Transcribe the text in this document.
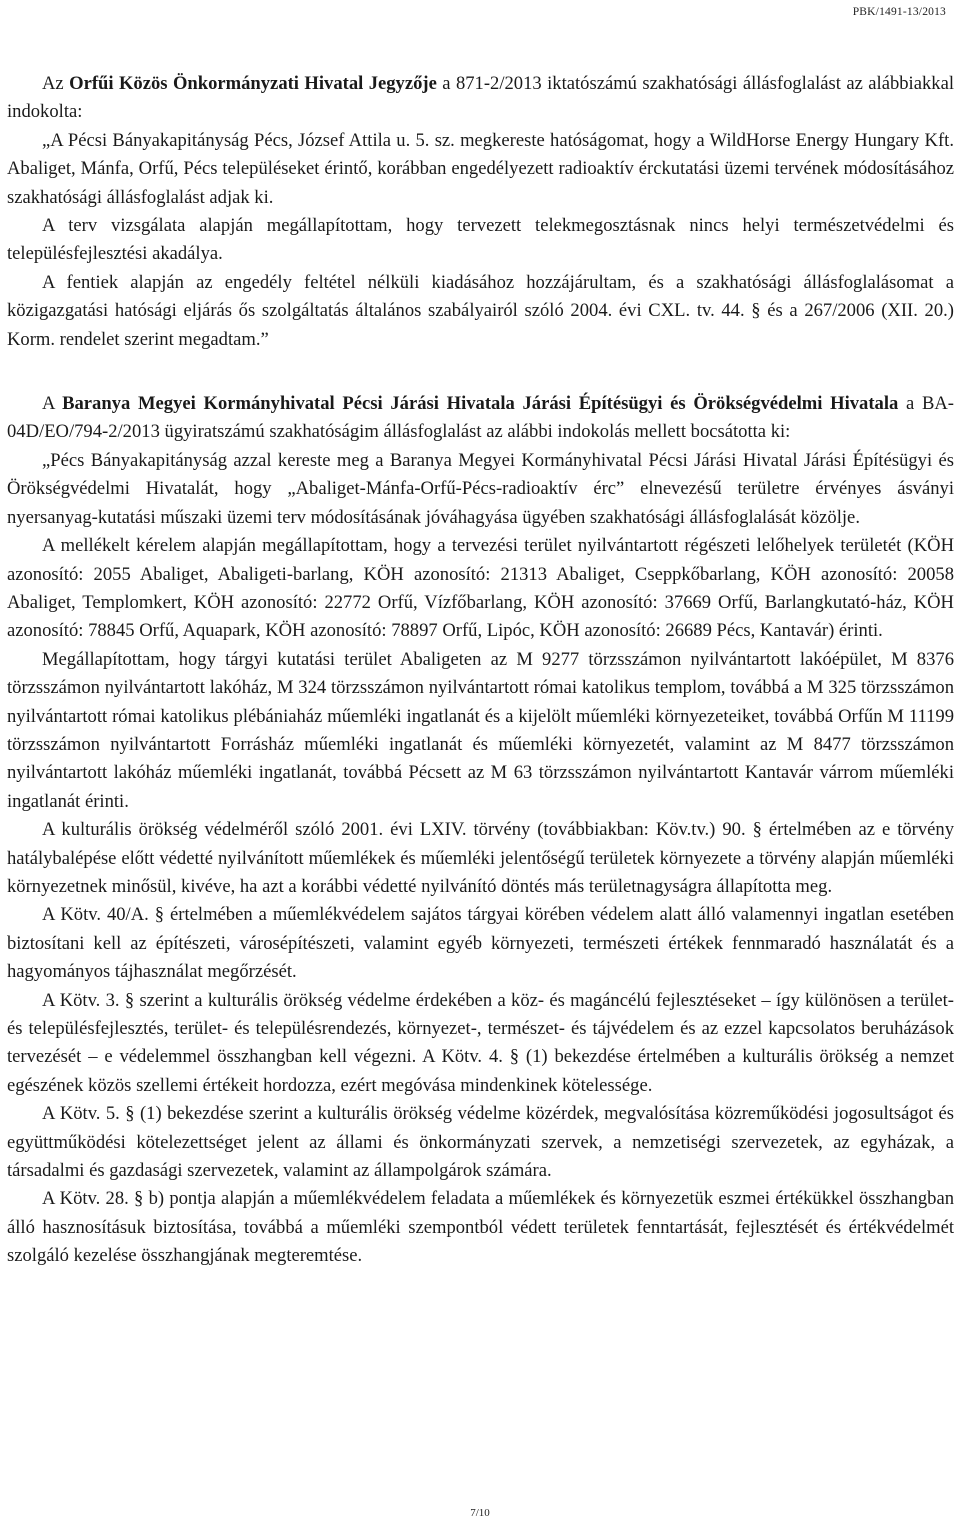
PBK/1491-13/2013

Az Orfűi Közös Önkormányzati Hivatal Jegyzője a 871-2/2013 iktatószámú szakhatósági állásfoglalást az alábbiakkal indokolta:

„A Pécsi Bányakapitányság Pécs, József Attila u. 5. sz. megkereste hatóságomat, hogy a WildHorse Energy Hungary Kft. Abaliget, Mánfa, Orfű, Pécs településeket érintő, korábban engedélyezett radioaktív érckutatási üzemi tervének módosításához szakhatósági állásfoglalást adjak ki.

A terv vizsgálata alapján megállapítottam, hogy tervezett telekmegosztásnak nincs helyi természetvédelmi és településfejlesztési akadálya.

A fentiek alapján az engedély feltétel nélküli kiadásához hozzájárultam, és a szakhatósági állásfoglalásomat a közigazgatási hatósági eljárás ős szolgáltatás általános szabályairól szóló 2004. évi CXL. tv. 44. § és a 267/2006 (XII. 20.) Korm. rendelet szerint megadtam.”

A Baranya Megyei Kormányhivatal Pécsi Járási Hivatala Járási Építésügyi és Örökségvédelmi Hivatala a BA-04D/EO/794-2/2013 ügyiratszámú szakhatóságim állásfoglalást az alábbi indokolás mellett bocsátotta ki:

„Pécs Bányakapitányság azzal kereste meg a Baranya Megyei Kormányhivatal Pécsi Járási Hivatal Járási Építésügyi és Örökségvédelmi Hivatalát, hogy „Abaliget-Mánfa-Orfű-Pécs-radioaktív érc” elnevezésű területre érvényes ásványi nyersanyag-kutatási műszaki üzemi terv módosításának jóváhagyása ügyében szakhatósági állásfoglalását közölje.

A mellékelt kérelem alapján megállapítottam, hogy a tervezési terület nyilvántartott régészeti lelőhelyek területét (KÖH azonosító: 2055 Abaliget, Abaligeti-barlang, KÖH azonosító: 21313 Abaliget, Cseppkőbarlang, KÖH azonosító: 20058 Abaliget, Templomkert, KÖH azonosító: 22772 Orfű, Vízfőbarlang, KÖH azonosító: 37669 Orfű, Barlangkutató-ház, KÖH azonosító: 78845 Orfű, Aquapark, KÖH azonosító: 78897 Orfű, Lipóc, KÖH azonosító: 26689 Pécs, Kantavár) érinti.

Megállapítottam, hogy tárgyi kutatási terület Abaligeten az M 9277 törzsszámon nyilvántartott lakóépület, M 8376 törzsszámon nyilvántartott lakóház, M 324 törzsszámon nyilvántartott római katolikus templom, továbbá a M 325 törzsszámon nyilvántartott római katolikus plébániaház műemléki ingatlanát és a kijelölt műemléki környezeteiket, továbbá Orfűn M 11199 törzsszámon nyilvántartott Forrásház műemléki ingatlanát és műemléki környezetét, valamint az M 8477 törzsszámon nyilvántartott lakóház műemléki ingatlanát, továbbá Pécsett az M 63 törzsszámon nyilvántartott Kantavár várrom műemléki ingatlanát érinti.

A kulturális örökség védelméről szóló 2001. évi LXIV. törvény (továbbiakban: Köv.tv.) 90. § értelmében az e törvény hatálybalépése előtt védetté nyilvánított műemlékek és műemléki jelentőségű területek környezete a törvény alapján műemléki környezetnek minősül, kivéve, ha azt a korábbi védetté nyilvánító döntés más területnagyságra állapította meg.

A Kötv. 40/A. § értelmében a műemlékvédelem sajátos tárgyai körében védelem alatt álló valamennyi ingatlan esetében biztosítani kell az építészeti, városépítészeti, valamint egyéb környezeti, természeti értékek fennmaradó használatát és a hagyományos tájhasználat megőrzését.

A Kötv. 3. § szerint a kulturális örökség védelme érdekében a köz- és magáncélú fejlesztéseket – így különösen a terület- és településfejlesztés, terület- és településrendezés, környezet-, természet- és tájvédelem és az ezzel kapcsolatos beruházások tervezését – e védelemmel összhangban kell végezni. A Kötv. 4. § (1) bekezdése értelmében a kulturális örökség a nemzet egészének közös szellemi értékeit hordozza, ezért megóvása mindenkinek kötelessége.

A Kötv. 5. § (1) bekezdése szerint a kulturális örökség védelme közérdek, megvalósítása közreműködési jogosultságot és együttműködési kötelezettséget jelent az állami és önkormányzati szervek, a nemzetiségi szervezetek, az egyházak, a társadalmi és gazdasági szervezetek, valamint az állampolgárok számára.

A Kötv. 28. § b) pontja alapján a műemlékvédelem feladata a műemlékek és környezetük eszmei értékükkel összhangban álló hasznosításuk biztosítása, továbbá a műemléki szempontból védett területek fenntartását, fejlesztését és értékvédelmét szolgáló kezelése összhangjának megteremtése.

7/10
